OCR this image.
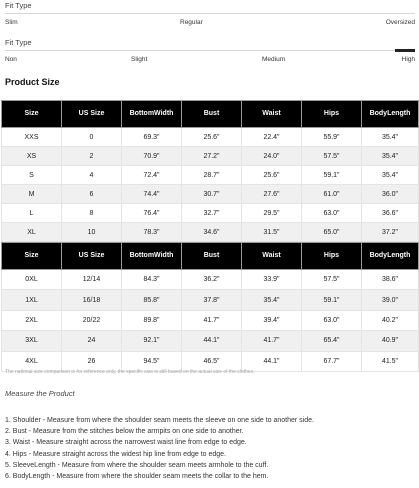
Fit Type
Slim	Regular	Oversized
Fit Type
Non	Slight	Medium	High
Product Size
Size	US Size	BottomWidth	Bust	Waist	Hips	BodyLength
XXS	0	69.3"	25.6"	22.4"	55.9"	35.4"
XS	2	70.9"	27.2"	24.0"	57.5"	35.4"
S	4	72.4"	28.7"	25.6"	59.1"	35.4"
M	6	74.4"	30.7"	27.6"	61.0"	36.0"
L	8	76.4"	32.7"	29.5"	63.0"	36.6"
XL	10	78.3"	34.6"	31.5"	65.0"	37.2"
Size	US Size	BottomWidth	Bust	Waist	Hips	BodyLength
0XL	12/14	84.3"	36.2"	33.9"	57.5"	38.6"
1XL	16/18	85.8"	37.8"	35.4"	59.1"	39.0"
2XL	20/22	89.8"	41.7"	39.4"	63.0"	40.2"
3XL	24	92.1"	44.1"	41.7"	65.4"	40.9"
4XL	26	94.5"	46.5"	44.1"	67.7"	41.5"
The national size comparison is for reference only, the specific size is still based on the actual size of the clothes.
Measure the Product
1. Shoulder - Measure from where the shoulder seam meets the sleeve on one side to another side.
2. Bust - Measure from the stitches below the armpits on one side to another.
3. Waist - Measure straight across the narrowest waist line from edge to edge.
4. Hips - Measure straight across the widest hip line from edge to edge.
5. SleeveLength - Measure from where the shoulder seam meets armhole to the cuff.
6. BodyLength - Measure from where the shoulder seam meets the collar to the hem.
